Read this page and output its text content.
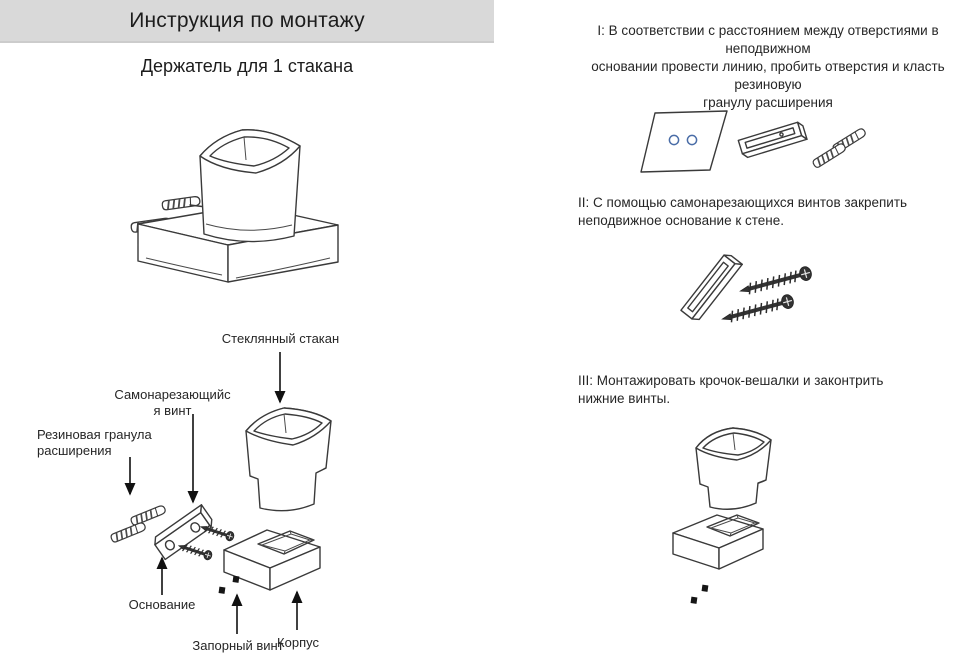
Инструкция по монтажу
Держатель для 1 стакана
Стеклянный стакан
Самонарезающийс
я винт
Резиновая гранула
расширения
Основание
Запорный винт
Корпус
I: В соответствии с расстоянием между отверстиями в неподвижном
основании провести линию, пробить отверстия и класть резиновую
гранулу расширения
II: С помощью самонарезающихся винтов закрепить
неподвижное основание к стене.
III: Монтажировать крочок-вешалки и законтрить
нижние винты.
